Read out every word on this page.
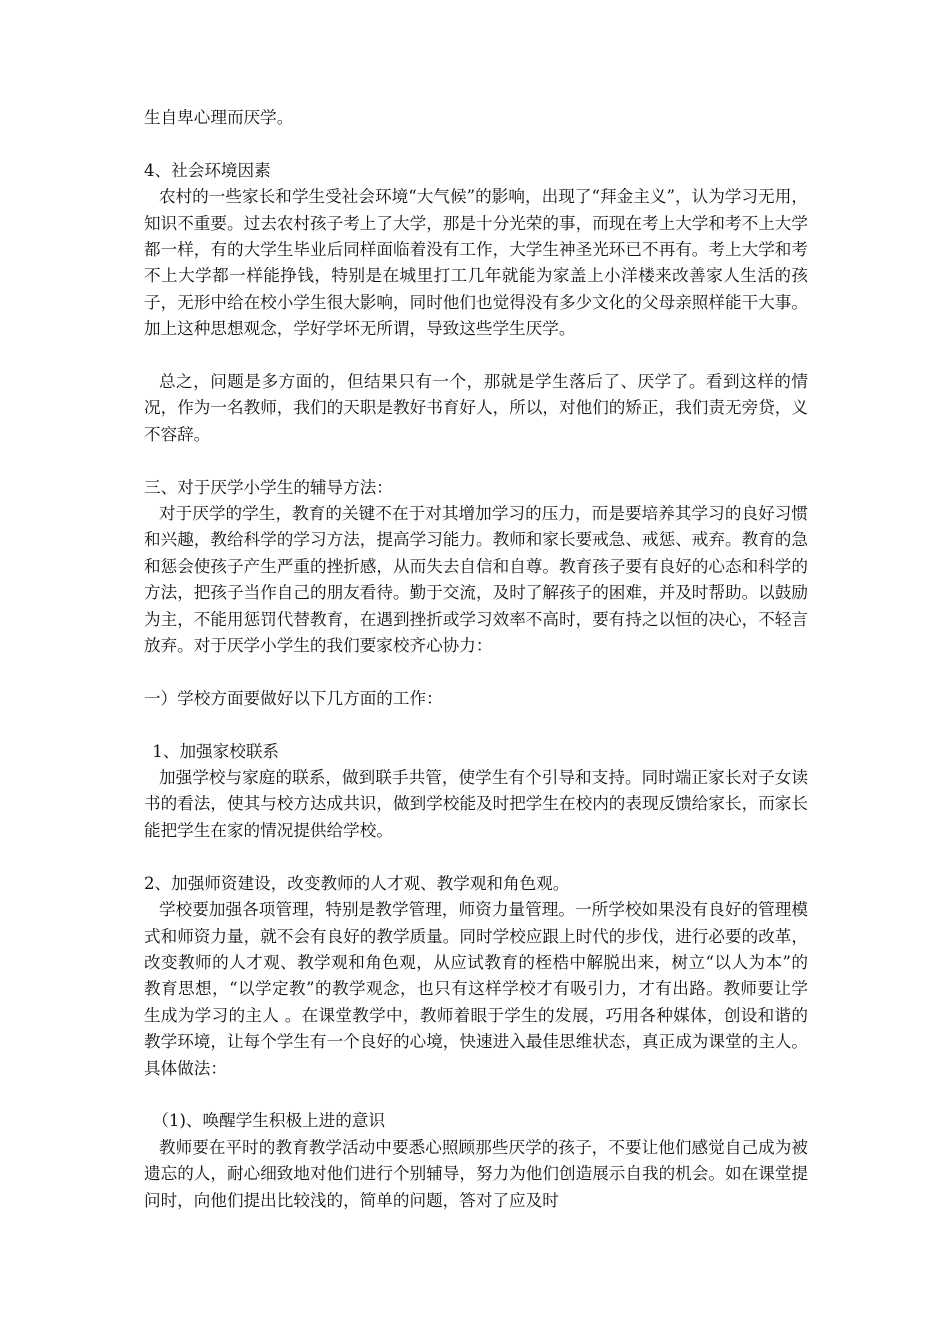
生自卑心理而厌学。

4、社会环境因素

农村的一些家长和学生受社会环境“大气候”的影响，出现了“拜金主义”，认为学习无用，知识不重要。过去农村孩子考上了大学，那是十分光荣的事，而现在考上大学和考不上大学都一样，有的大学生毕业后同样面临着没有工作，大学生神圣光环已不再有。考上大学和考不上大学都一样能挣钱，特别是在城里打工几年就能为家盖上小洋楼来改善家人生活的孩子，无形中给在校小学生很大影响，同时他们也觉得没有多少文化的父母亲照样能干大事。加上这种思想观念，学好学坏无所谓，导致这些学生厌学。

总之，问题是多方面的，但结果只有一个，那就是学生落后了、厌学了。看到这样的情况，作为一名教师，我们的天职是教好书育好人，所以，对他们的矫正，我们责无旁贷，义不容辞。

三、对于厌学小学生的辅导方法：

对于厌学的学生，教育的关键不在于对其增加学习的压力，而是要培养其学习的良好习惯和兴趣，教给科学的学习方法，提高学习能力。教师和家长要戒急、戒惩、戒弃。教育的急和惩会使孩子产生严重的挫折感，从而失去自信和自尊。教育孩子要有良好的心态和科学的方法，把孩子当作自己的朋友看待。勤于交流，及时了解孩子的困难，并及时帮助。以鼓励为主，不能用惩罚代替教育，在遇到挫折或学习效率不高时，要有持之以恒的决心，不轻言放弃。对于厌学小学生的我们要家校齐心协力：

一）学校方面要做好以下几方面的工作：

1、加强家校联系

加强学校与家庭的联系，做到联手共管，使学生有个引导和支持。同时端正家长对子女读书的看法，使其与校方达成共识，做到学校能及时把学生在校内的表现反馈给家长，而家长能把学生在家的情况提供给学校。

2、加强师资建设，改变教师的人才观、教学观和角色观。

学校要加强各项管理，特别是教学管理，师资力量管理。一所学校如果没有良好的管理模式和师资力量，就不会有良好的教学质量。同时学校应跟上时代的步伐，进行必要的改革，改变教师的人才观、教学观和角色观，从应试教育的桎梏中解脱出来，树立“以人为本”的教育思想，“以学定教”的教学观念，也只有这样学校才有吸引力，才有出路。教师要让学生成为学习的主人 。在课堂教学中，教师着眼于学生的发展，巧用各种媒体，创设和谐的教学环境，让每个学生有一个良好的心境，快速进入最佳思维状态，真正成为课堂的主人。具体做法：

（1)、唤醒学生积极上进的意识

教师要在平时的教育教学活动中要悉心照顾那些厌学的孩子，不要让他们感觉自己成为被遗忘的人，耐心细致地对他们进行个别辅导，努力为他们创造展示自我的机会。如在课堂提问时，向他们提出比较浅的，简单的问题，答对了应及时
